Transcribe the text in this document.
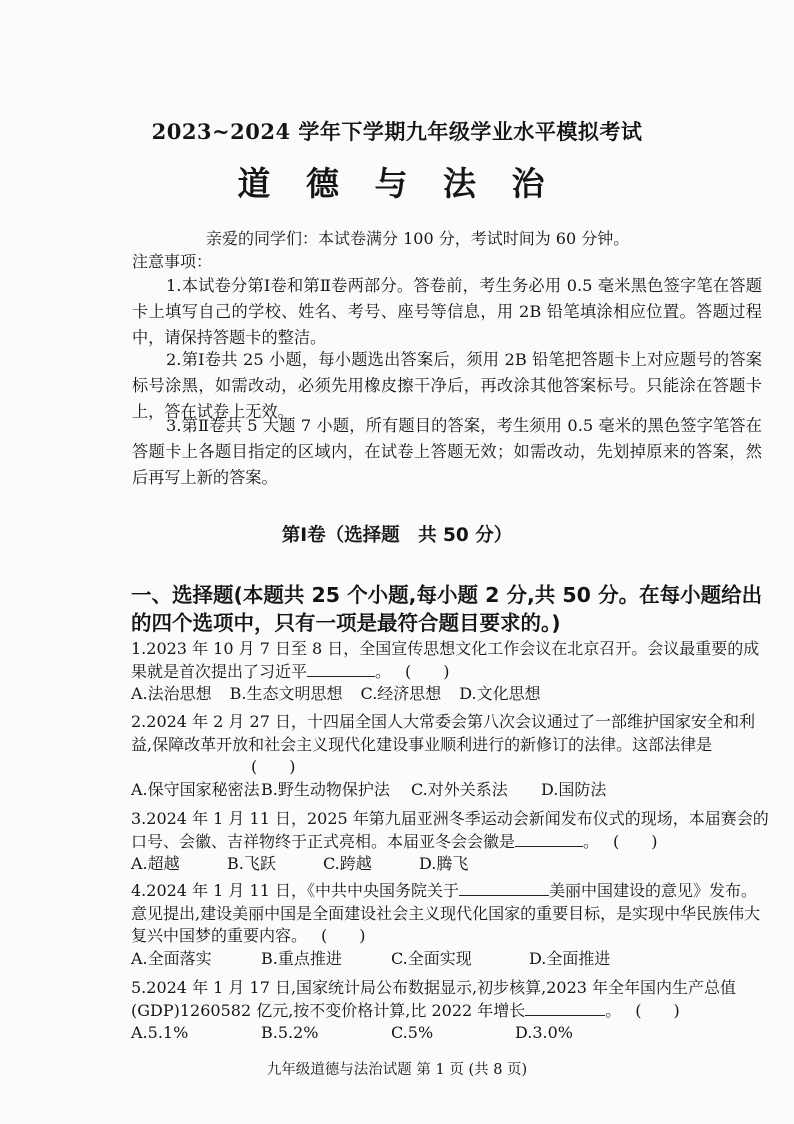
2023~2024 学年下学期九年级学业水平模拟考试
道 德 与 法 治
亲爱的同学们：本试卷满分 100 分，考试时间为 60 分钟。
注意事项：
1.本试卷分第Ⅰ卷和第Ⅱ卷两部分。答卷前，考生务必用 0.5 毫米黑色签字笔在答题卡上填写自己的学校、姓名、考号、座号等信息，用 2B 铅笔填涂相应位置。答题过程中，请保持答题卡的整洁。
2.第Ⅰ卷共 25 小题，每小题选出答案后，须用 2B 铅笔把答题卡上对应题号的答案标号涂黑，如需改动，必须先用橡皮擦干净后，再改涂其他答案标号。只能涂在答题卡上，答在试卷上无效。
3.第Ⅱ卷共 5 大题 7 小题，所有题目的答案，考生须用 0.5 毫米的黑色签字笔答在答题卡上各题目指定的区域内，在试卷上答题无效；如需改动，先划掉原来的答案，然后再写上新的答案。
第Ⅰ卷（选择题　共 50 分）
一、选择题(本题共 25 个小题,每小题 2 分,共 50 分。在每小题给出的四个选项中，只有一项是最符合题目要求的。)
1.2023 年 10 月 7 日至 8 日，全国宣传思想文化工作会议在北京召开。会议最重要的成果就是首次提出了习近平	。 (　　)
A.法治思想 B.生态文明思想 C.经济思想 D.文化思想
2.2024 年 2 月 27 日，十四届全国人大常委会第八次会议通过了一部维护国家安全和利益,保障改革开放和社会主义现代化建设事业顺利进行的新修订的法律。这部法律是(　　)
A.保守国家秘密法 B.野生动物保护法	C.对外关系法	D.国防法
3.2024 年 1 月 11 日，2025 年第九届亚洲冬季运动会新闻发布仪式的现场，本届赛会的口号、会徽、吉祥物终于正式亮相。本届亚冬会会徽是	。 (　　)
A.超越	B.飞跃	C.跨越	D.腾飞
4.2024 年 1 月 11 日，《中共中央国务院关于	美丽中国建设的意见》发布。意见提出,建设美丽中国是全面建设社会主义现代化国家的重要目标，是实现中华民族伟大复兴中国梦的重要内容。 (　　)
A.全面落实	B.重点推进	C.全面实现	D.全面推进
5.2024 年 1 月 17 日,国家统计局公布数据显示,初步核算,2023 年全年国内生产总值(GDP)1260582 亿元,按不变价格计算,比 2022 年增长	。 (　　)
A.5.1%	B.5.2%	C.5%	D.3.0%
九年级道德与法治试题 第 1 页 (共 8 页)
